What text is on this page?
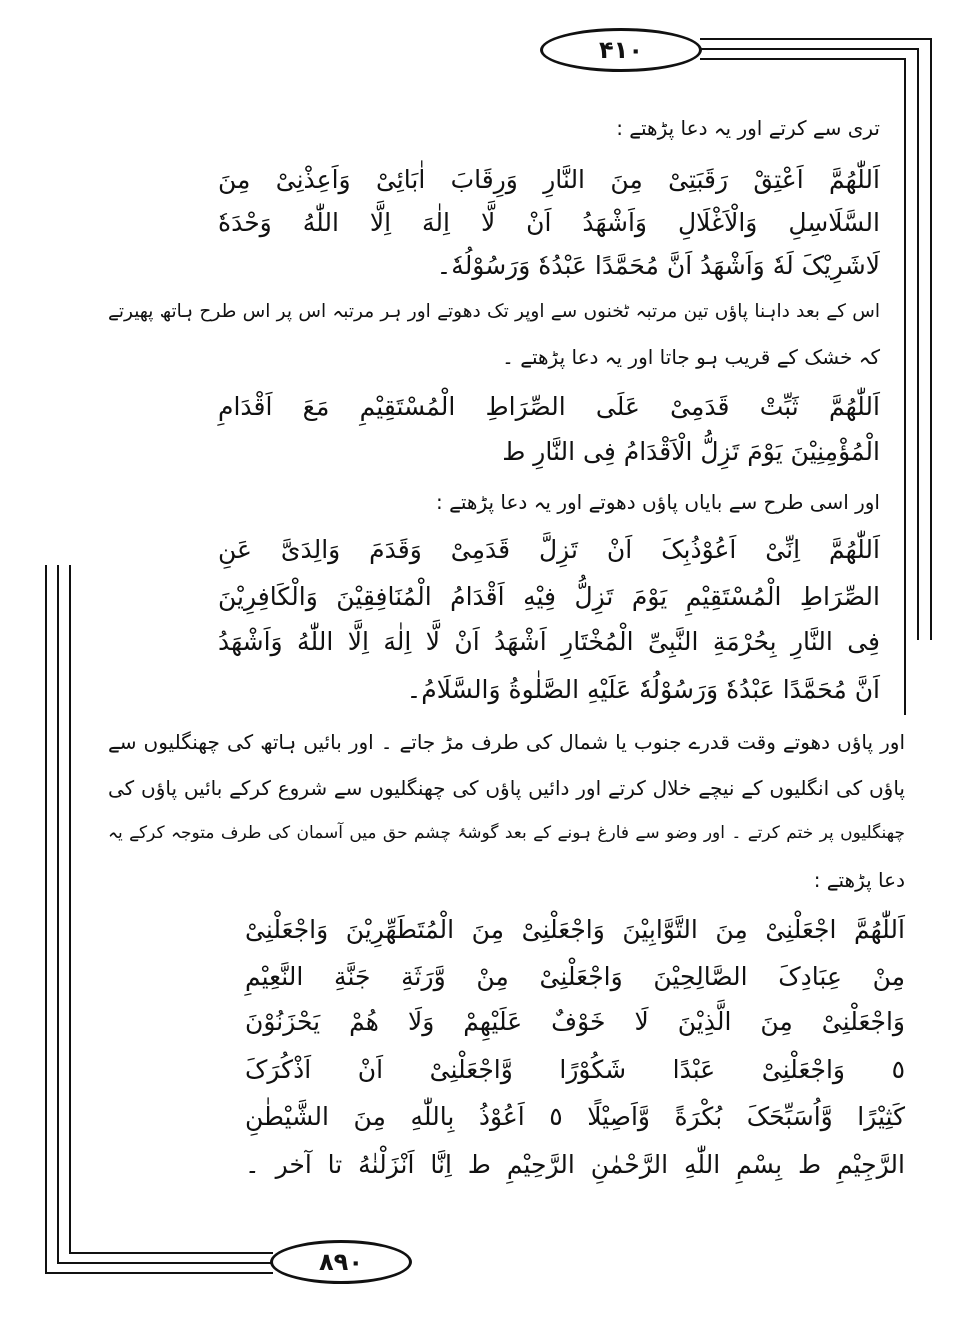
۴۱۰
۸۹۰
تری سے کرتے اور یہ دعا پڑھتے :
اَللّٰهُمَّ اَعْتِقْ رَقَبَتِیْ مِنَ النَّارِ وَرِقَابَ اٰبَائِیْ وَاَعِذْنِیْ مِنَ
السَّلَاسِلِ وَالْاَغْلَالِ وَاَشْهَدُ اَنْ لَّا اِلٰهَ اِلَّا اللّٰهُ وَحْدَهٗ
لَاشَرِیْکَ لَهٗ وَاَشْهَدُ اَنَّ مُحَمَّدًا عَبْدُهٗ وَرَسُوْلُهٗ۔
اس کے بعد داہنا پاؤں تین مرتبہ ٹخنوں سے اوپر تک دھوتے اور ہر مرتبہ اس پر اس طرح ہاتھ پھیرتے
کہ خشک کے قریب ہو جاتا اور یہ دعا پڑھتے ۔
اَللّٰهُمَّ ثَبِّتْ قَدَمِیْ عَلَی الصِّرَاطِ الْمُسْتَقِیْمِ مَعَ اَقْدَامِ
الْمُؤْمِنِیْنَ یَوْمَ تَزِلُّ الْاَقْدَامُ فِی النَّارِ ط
اور اسی طرح سے بایاں پاؤں دھوتے اور یہ دعا پڑھتے :
اَللّٰهُمَّ اِنِّیْ اَعُوْذُبِکَ اَنْ تَزِلَّ قَدَمِیْ وَقَدَمَ وَالِدَیَّ عَنِ
الصِّرَاطِ الْمُسْتَقِیْمِ یَوْمَ تَزِلُّ فِیْهِ اَقْدَامُ الْمُنَافِقِیْنَ وَالْکَافِرِیْنَ
فِی النَّارِ بِحُرْمَةِ النَّبِیِّ الْمُخْتَارِ اَشْهَدُ اَنْ لَّا اِلٰهَ اِلَّا اللّٰهُ وَاَشْهَدُ
اَنَّ مُحَمَّدًا عَبْدُهٗ وَرَسُوْلُهٗ عَلَیْهِ الصَّلٰوةُ وَالسَّلَامُ۔
اور پاؤں دھوتے وقت قدرے جنوب یا شمال کی طرف مڑ جاتے ۔ اور بائیں ہاتھ کی چھنگلیوں سے
پاؤں کی انگلیوں کے نیچے خلال کرتے اور دائیں پاؤں کی چھنگلیوں سے شروع کرکے بائیں پاؤں کی
چھنگلیوں پر ختم کرتے ۔ اور وضو سے فارغ ہونے کے بعد گوشۂ چشم حق میں آسمان کی طرف متوجہ کرکے یہ
دعا پڑھتے :
اَللّٰهُمَّ اجْعَلْنِیْ مِنَ التَّوَّابِیْنَ وَاجْعَلْنِیْ مِنَ الْمُتَطَهِّرِیْنَ وَاجْعَلْنِیْ
مِنْ عِبَادِکَ الصَّالِحِیْنَ وَاجْعَلْنِیْ مِنْ وَّرَثَةِ جَنَّةِ النَّعِیْمِ
وَاجْعَلْنِیْ مِنَ الَّذِیْنَ لَا خَوْفٌ عَلَیْهِمْ وَلَا هُمْ یَحْزَنُوْنَ
٥ وَاجْعَلْنِیْ عَبْدًا شَکُوْرًا وَّاجْعَلْنِیْ اَنْ اَذْکُرَکَ
کَثِیْرًا وَّاُسَبِّحَکَ بُکْرَةً وَّاَصِیْلًا ٥ اَعُوْذُ بِاللّٰهِ مِنَ الشَّیْطٰنِ
الرَّجِیْمِ ط بِسْمِ اللّٰهِ الرَّحْمٰنِ الرَّحِیْمِ ط اِنَّا اَنْزَلْنٰهُ تا آخر ۔
